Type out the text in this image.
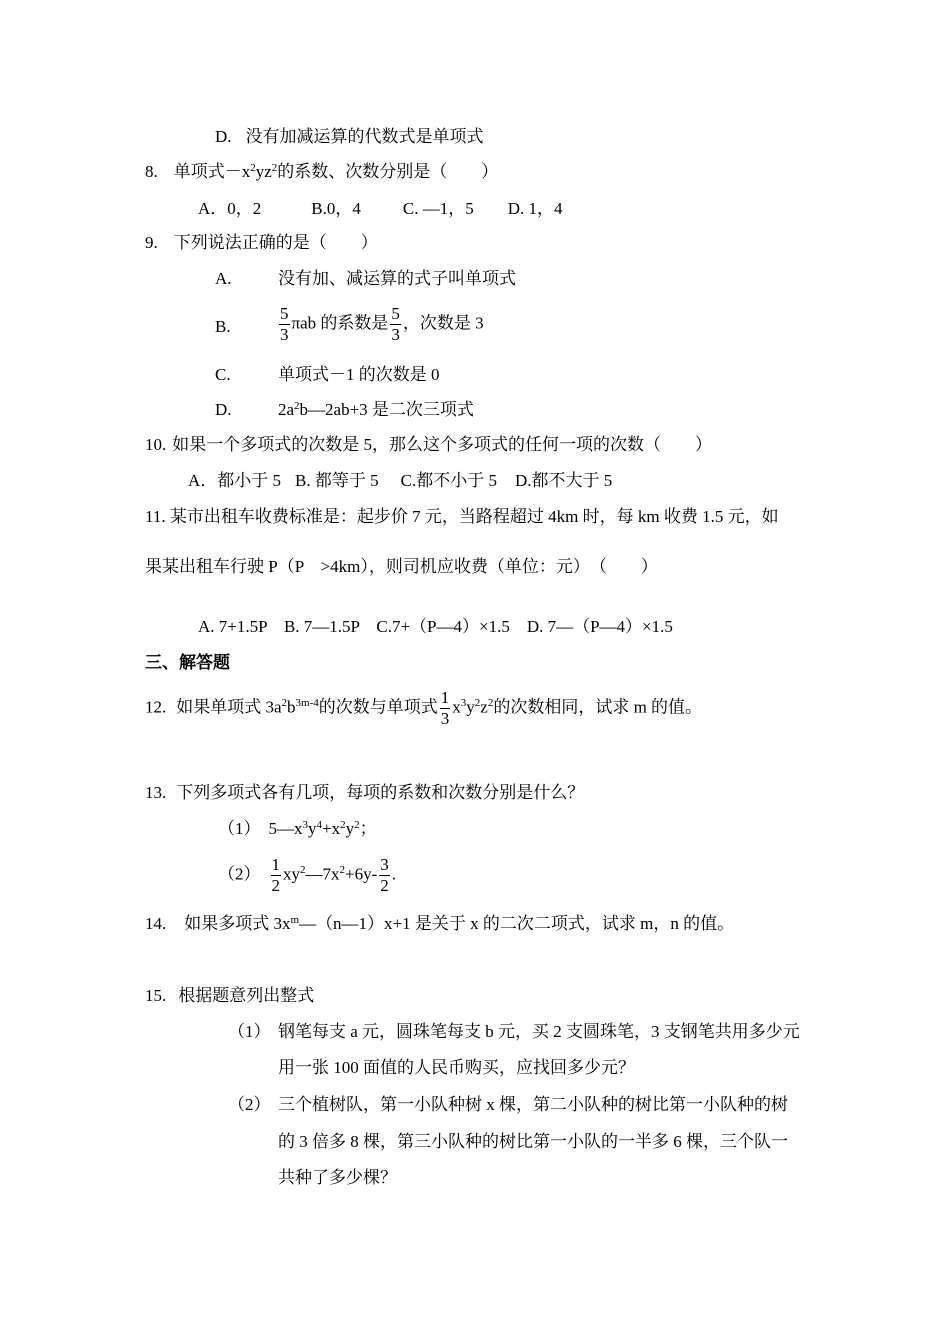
D. 没有加减运算的代数式是单项式
8. 单项式$-x^2yz^2$的系数、次数分别是（　　）
A．0，2	B.0，4 C. —1，5 D. 1，4
9. 下列说法正确的是（　　）
A.	没有加、减运算的式子叫单项式
B.	$\frac{5}{3}$ πab 的系数是 $\frac{5}{3}$ ，次数是 3
C.	单项式－1 的次数是 0
D.	$2a^2b—2ab+3$ 是二次三项式
10. 如果一个多项式的次数是 5，那么这个多项式的任何一项的次数（　　）
A．都小于 5 B. 都等于 5 C.都不小于 5 D.都不大于 5
11. 某市出租车收费标准是：起步价 7 元，当路程超过 4km 时，每 km 收费 1.5 元，如
果某出租车行驶 P（P　>4km），则司机应收费（单位：元）　（　　）
A. 7+1.5P　B. 7—1.5P　C.7+（P—4）×1.5　D. 7—（P—4）×1.5
三、解答题
12. 如果单项式 $3a^2b^{3m-4}$的次数与单项式 $\frac{1}{3} x^3y^2z^2$的次数相同，试求 m 的值。
13. 下列多项式各有几项，每项的系数和次数分别是什么？
（1） $5—x^3y^4+x^2y^2$；
$(2) \frac{1}{2}$ $xy^2—7x^2+6y- \frac{3}{2}$ .
14. 如果多项式 $3x^m—(n—1)x+1$ 是关于 x 的二次二项式，试求 m，n 的值。
15. 根据题意列出整式
（1） 钢笔每支 a 元，圆珠笔每支 b 元，买 2 支圆珠笔，3 支钢笔共用多少元
用一张 100 面值的人民币购买，应找回多少元？
（2） 三个植树队，第一小队种树 x 棵，第二小队种的树比第一小队种的树
的 3 倍多 8 棵，第三小队种的树比第一小队的一半多 6 棵，三个队一
共种了多少棵？
